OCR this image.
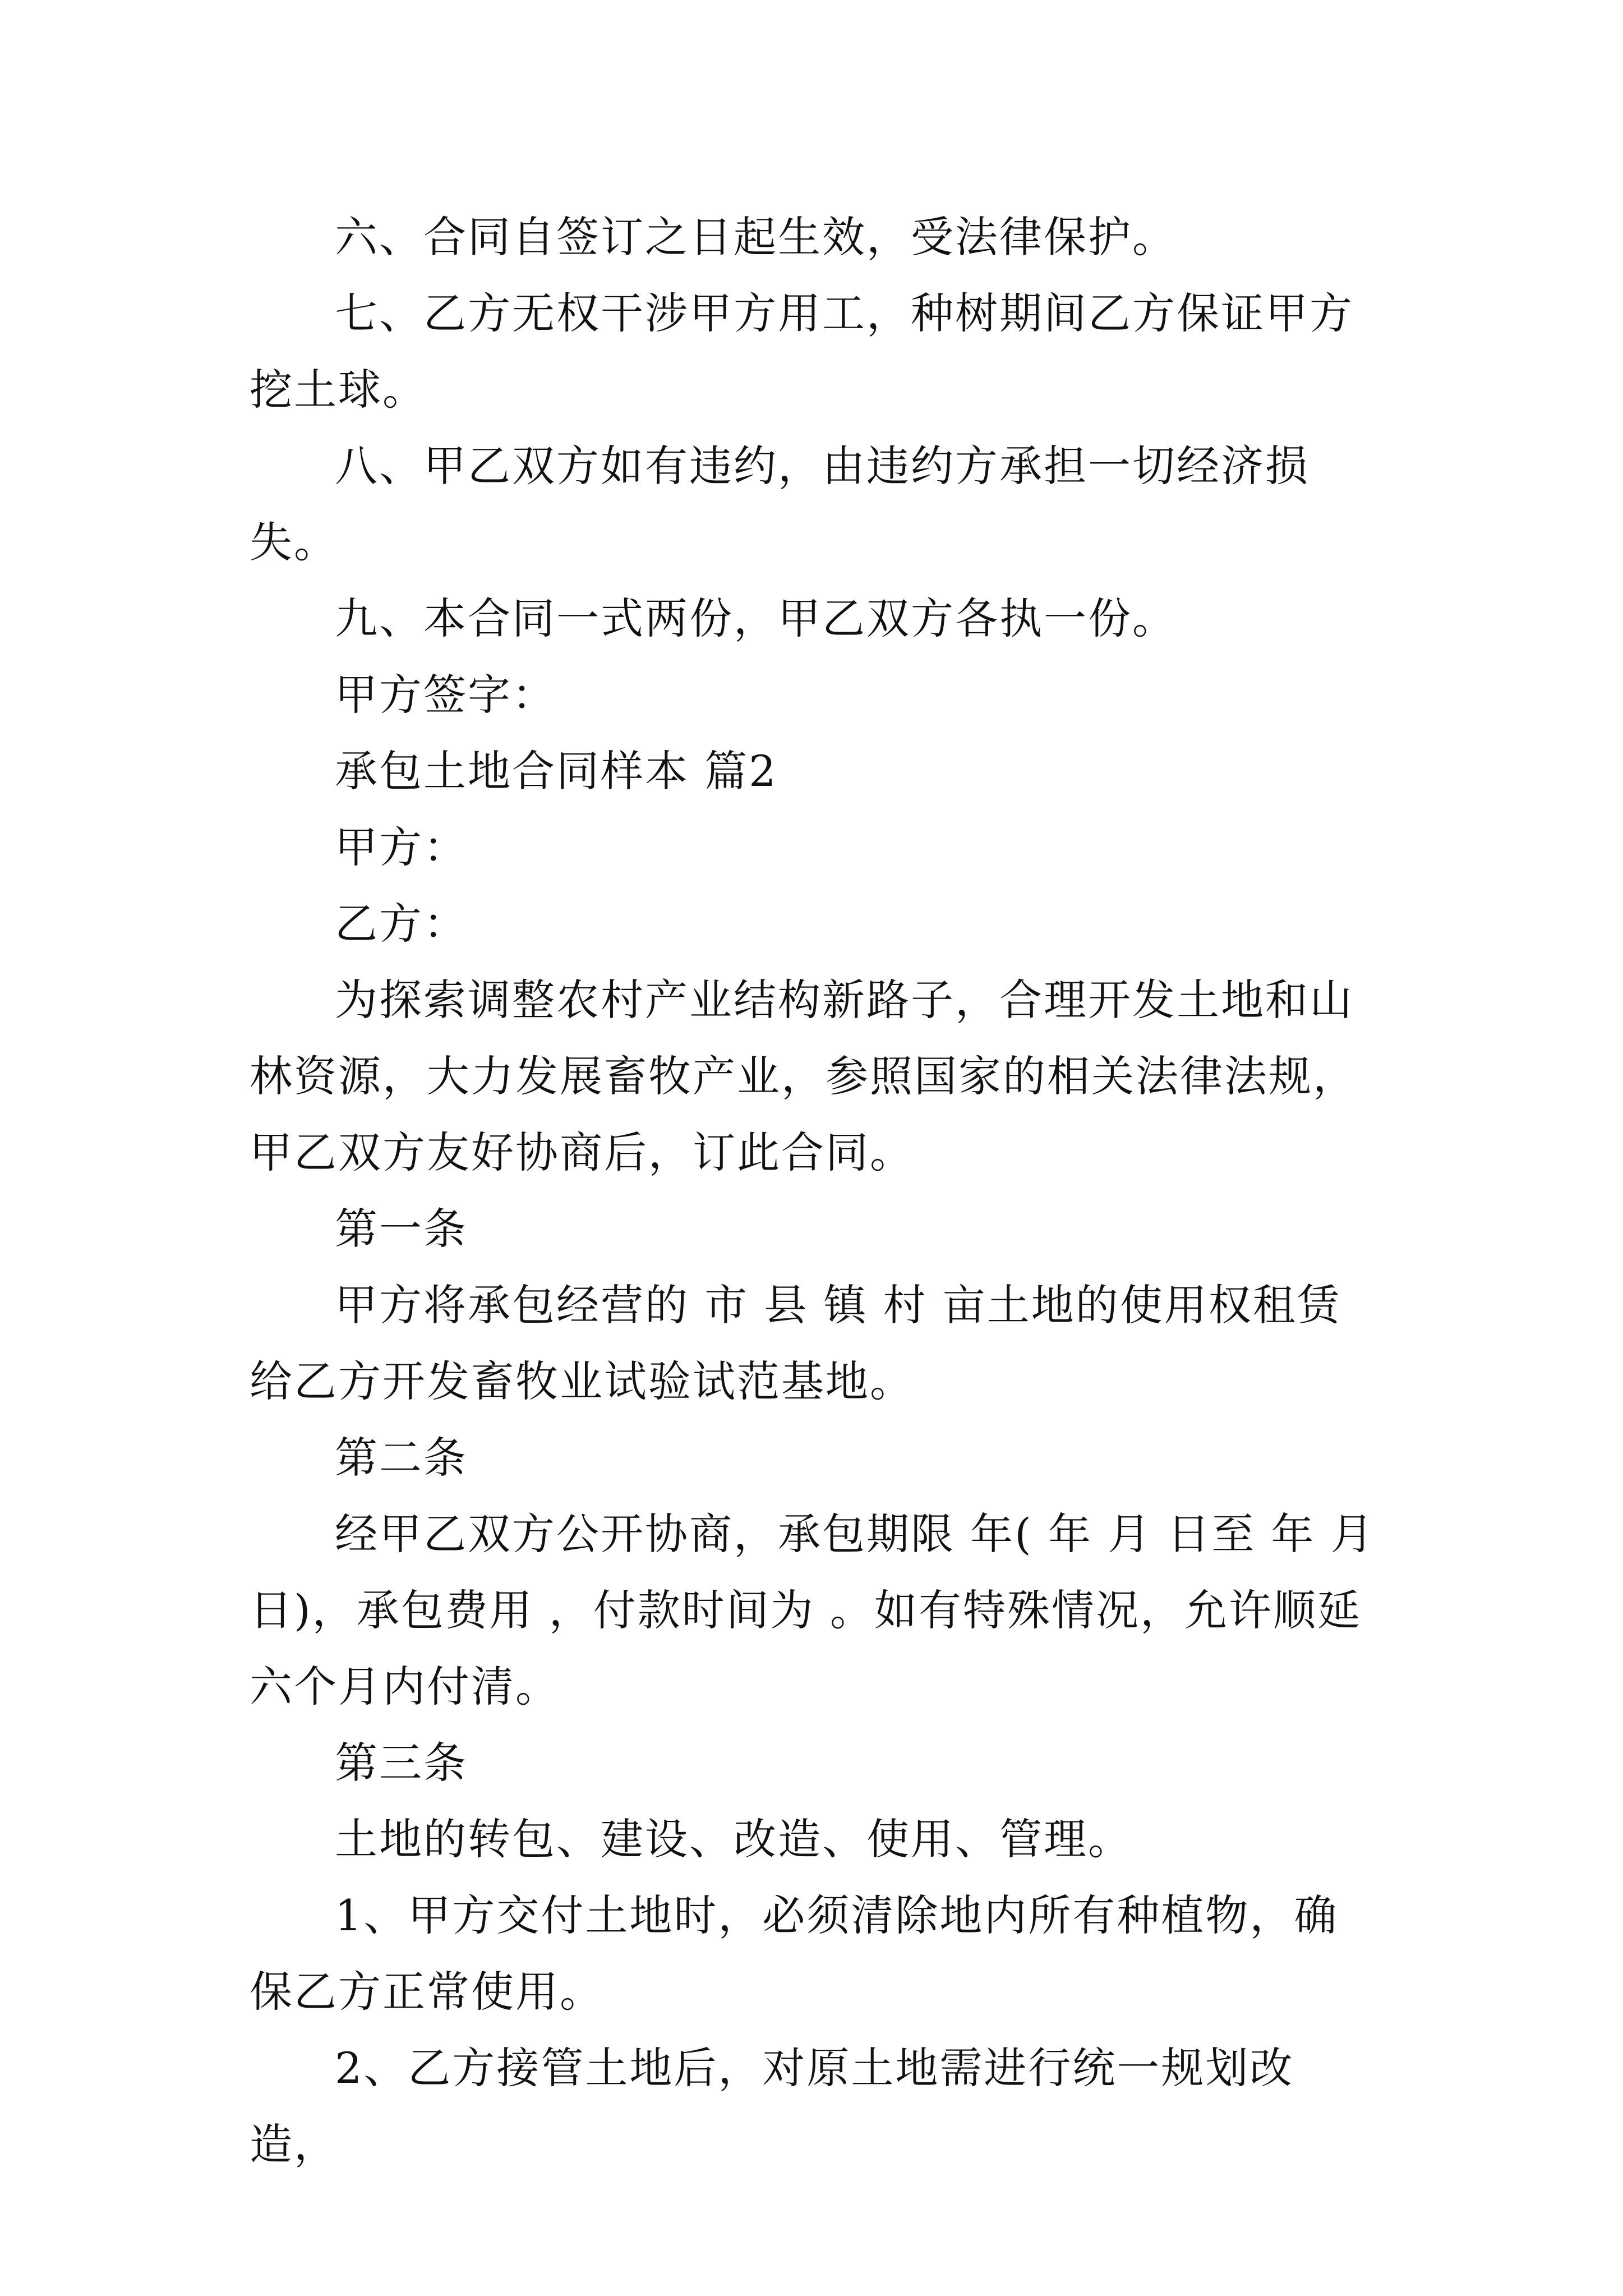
六、合同自签订之日起生效，受法律保护。

七、乙方无权干涉甲方用工，种树期间乙方保证甲方挖土球。

八、甲乙双方如有违约，由违约方承担一切经济损失。

九、本合同一式两份，甲乙双方各执一份。

甲方签字：

承包土地合同样本 篇2

甲方：

乙方：

为探索调整农村产业结构新路子，合理开发土地和山林资源，大力发展畜牧产业，参照国家的相关法律法规，甲乙双方友好协商后，订此合同。

第一条

甲方将承包经营的 市 县 镇 村 亩土地的使用权租赁给乙方开发畜牧业试验试范基地。

第二条

经甲乙双方公开协商，承包期限 年( 年 月 日至 年 月 日)，承包费用 ，付款时间为 。如有特殊情况，允许顺延六个月内付清。

第三条

土地的转包、建设、改造、使用、管理。

1、甲方交付土地时，必须清除地内所有种植物，确保乙方正常使用。

2、乙方接管土地后，对原土地需进行统一规划改造，
